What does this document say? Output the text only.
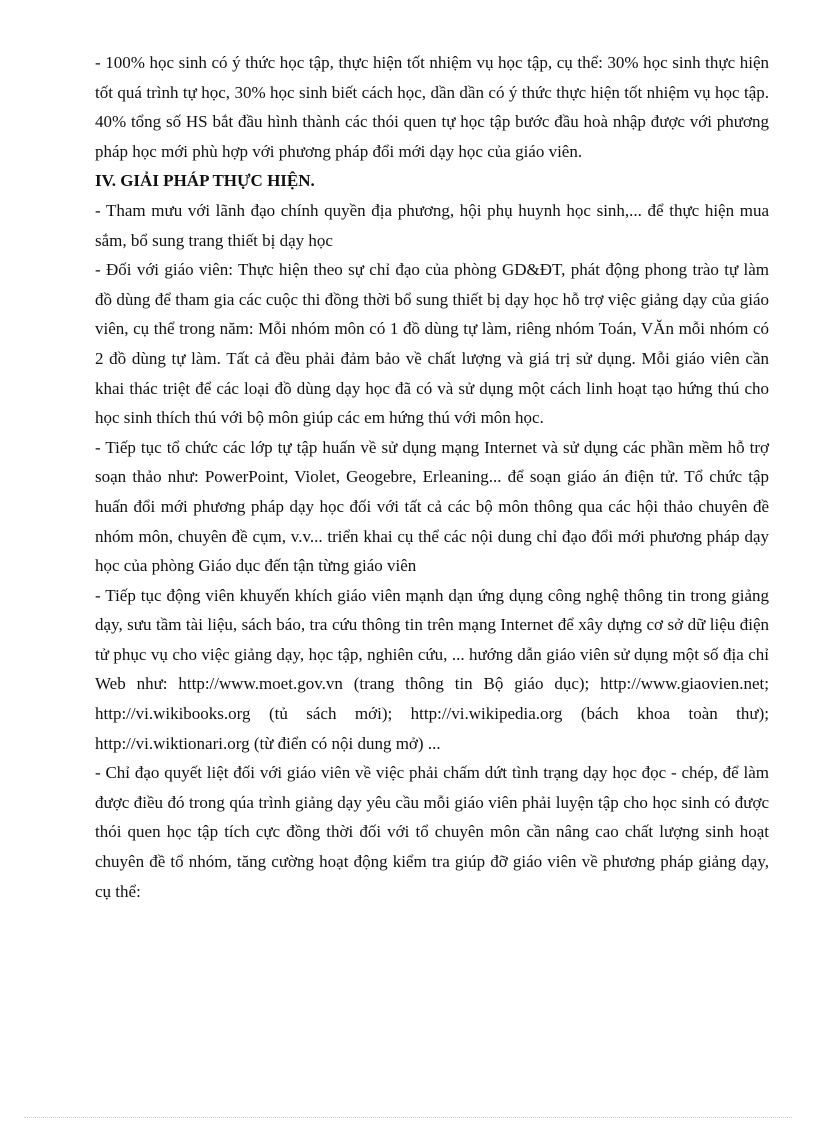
- 100% học sinh có ý thức học tập, thực hiện tốt nhiệm vụ học tập, cụ thể: 30% học sinh thực hiện tốt quá trình tự học, 30% học sinh biết cách học, dần dần có ý thức thực hiện tốt nhiệm vụ học tập. 40% tổng số HS bắt đầu hình thành các thói quen tự học tập bước đầu hoà nhập được với phương pháp học mới phù hợp với phương pháp đổi mới dạy học của giáo viên.

IV. GIẢI PHÁP THỰC HIỆN.

- Tham mưu với lãnh đạo chính quyền địa phương, hội phụ huynh học sinh,... để thực hiện mua sắm, bổ sung trang thiết bị dạy học

- Đối với giáo viên: Thực hiện theo sự chỉ đạo của phòng GD&ĐT, phát động phong trào tự làm đồ dùng để tham gia các cuộc thi đồng thời bổ sung thiết bị dạy học hỗ trợ việc giảng dạy của giáo viên, cụ thể trong năm: Mỗi nhóm môn có 1 đồ dùng tự làm, riêng nhóm Toán, VĂn mỗi nhóm có 2 đồ dùng tự làm. Tất cả đều phải đảm bảo về chất lượng và giá trị sử dụng. Mỗi giáo viên cần khai thác triệt để các loại đồ dùng dạy học đã có và sử dụng một cách linh hoạt tạo hứng thú cho học sinh thích thú với bộ môn giúp các em hứng thú với môn học.

- Tiếp tục tổ chức các lớp tự tập huấn về sử dụng mạng Internet và sử dụng các phần mềm hỗ trợ soạn thảo như: PowerPoint, Violet, Geogebre, Erleaning... để soạn giáo án điện tử. Tổ chức tập huấn đổi mới phương pháp dạy học đối với tất cả các bộ môn thông qua các hội thảo chuyên đề nhóm môn, chuyên đề cụm, v.v... triển khai cụ thể các nội dung chỉ đạo đổi mới phương pháp dạy học của phòng Giáo dục đến tận từng giáo viên

- Tiếp tục động viên khuyến khích giáo viên mạnh dạn ứng dụng công nghệ thông tin trong giảng dạy, sưu tầm tài liệu, sách báo, tra cứu thông tin trên mạng Internet để xây dựng cơ sở dữ liệu điện tử phục vụ cho việc giảng dạy, học tập, nghiên cứu, ... hướng dẫn giáo viên sử dụng một số địa chỉ Web như: http://www.moet.gov.vn (trang thông tin Bộ giáo dục); http://www.giaovien.net; http://vi.wikibooks.org (tủ sách mới); http://vi.wikipedia.org (bách khoa toàn thư); http://vi.wiktionari.org (từ điển có nội dung mở) ...

- Chỉ đạo quyết liệt đối với giáo viên về việc phải chấm dứt tình trạng dạy học đọc - chép, để làm được điều đó trong qúa trình giảng dạy yêu cầu mỗi giáo viên phải luyện tập cho học sinh có được thói quen học tập tích cực đồng thời đối với tổ chuyên môn cần nâng cao chất lượng sinh hoạt chuyên đề tổ nhóm, tăng cường hoạt động kiểm tra giúp đỡ giáo viên về phương pháp giảng dạy, cụ thể:
